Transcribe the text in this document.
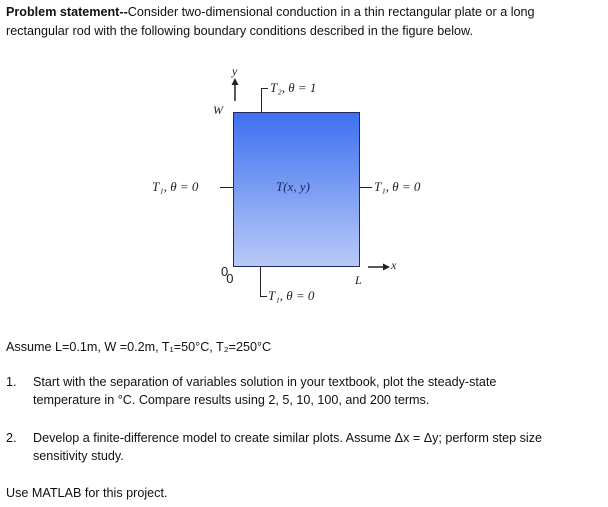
Problem statement--Consider two-dimensional conduction in a thin rectangular plate or a long
rectangular rod with the following boundary conditions described in the figure below.
y
W
T₂, θ = 1
T(x, y)
T₁, θ = 0	T₁, θ = 0
00
T₁, θ = 0
L
x
Assume L=0.1m, W =0.2m, T₁=50°C, T₂=250°C
1. Start with the separation of variables solution in your textbook, plot the steady-state
temperature in °C. Compare results using 2, 5, 10, 100, and 200 terms.
2. Develop a finite-difference model to create similar plots. Assume Δx = Δy; perform step size
sensitivity study.
Use MATLAB for this project.
